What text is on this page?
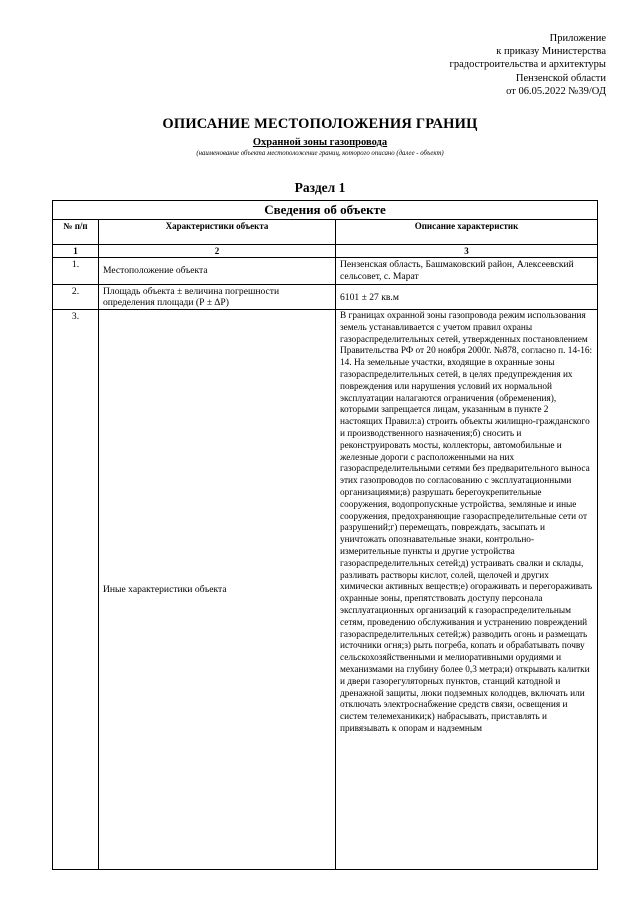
Приложение
к приказу Министерства
градостроительства и архитектуры
Пензенской области
от 06.05.2022 №39/ОД
ОПИСАНИЕ МЕСТОПОЛОЖЕНИЯ ГРАНИЦ
Охранной зоны газопровода
(наименование объекта местоположение границ, которого описано (далее - объект)
Раздел 1
Сведения об объекте		
№ п/п	Характеристики объекта	Описание характеристик
1	2	3
1.	Местоположение объекта	Пензенская область, Башмаковский район, Алексеевский сельсовет, с. Марат
2.	Площадь объекта ± величина погрешности определения площади (Р ± ∆Р)	6101 ± 27 кв.м
3.	Иные характеристики объекта	В границах охранной зоны газопровода режим использования земель устанавливается с учетом правил охраны газораспределительных сетей, утвержденных постановлением Правительства РФ от 20 ноября 2000г. №878, согласно п. 14-16: 14. На земельные участки, входящие в охранные зоны газораспределительных сетей, в целях предупреждения их повреждения или нарушения условий их нормальной эксплуатации налагаются ограничения (обременения), которыми запрещается лицам, указанным в пункте 2 настоящих Правил:а) строить объекты жилищно-гражданского и производственного назначения;б) сносить и реконструировать мосты, коллекторы, автомобильные и железные дороги с расположенными на них газораспределительными сетями без предварительного выноса этих газопроводов по согласованию с эксплуатационными организациями;в) разрушать берегоукрепительные сооружения, водопропускные устройства, земляные и иные сооружения, предохраняющие газораспределительные сети от разрушений;г) перемещать, повреждать, засыпать и уничтожать опознавательные знаки, контрольно-измерительные пункты и другие устройства газораспределительных сетей;д) устраивать свалки и склады, разливать растворы кислот, солей, щелочей и других химически активных веществ;е) огораживать и перегораживать охранные зоны, препятствовать доступу персонала эксплуатационных организаций к газораспределительным сетям, проведению обслуживания и устранению повреждений газораспределительных сетей;ж) разводить огонь и размещать источники огня;з) рыть погреба, копать и обрабатывать почву сельскохозяйственными и мелиоративными орудиями и механизмами на глубину более 0,3 метра;и) открывать калитки и двери газорегуляторных пунктов, станций катодной и дренажной защиты, люки подземных колодцев, включать или отключать электроснабжение средств связи, освещения и систем телемеханики;к) набрасывать, приставлять и привязывать к опорам и надземным
